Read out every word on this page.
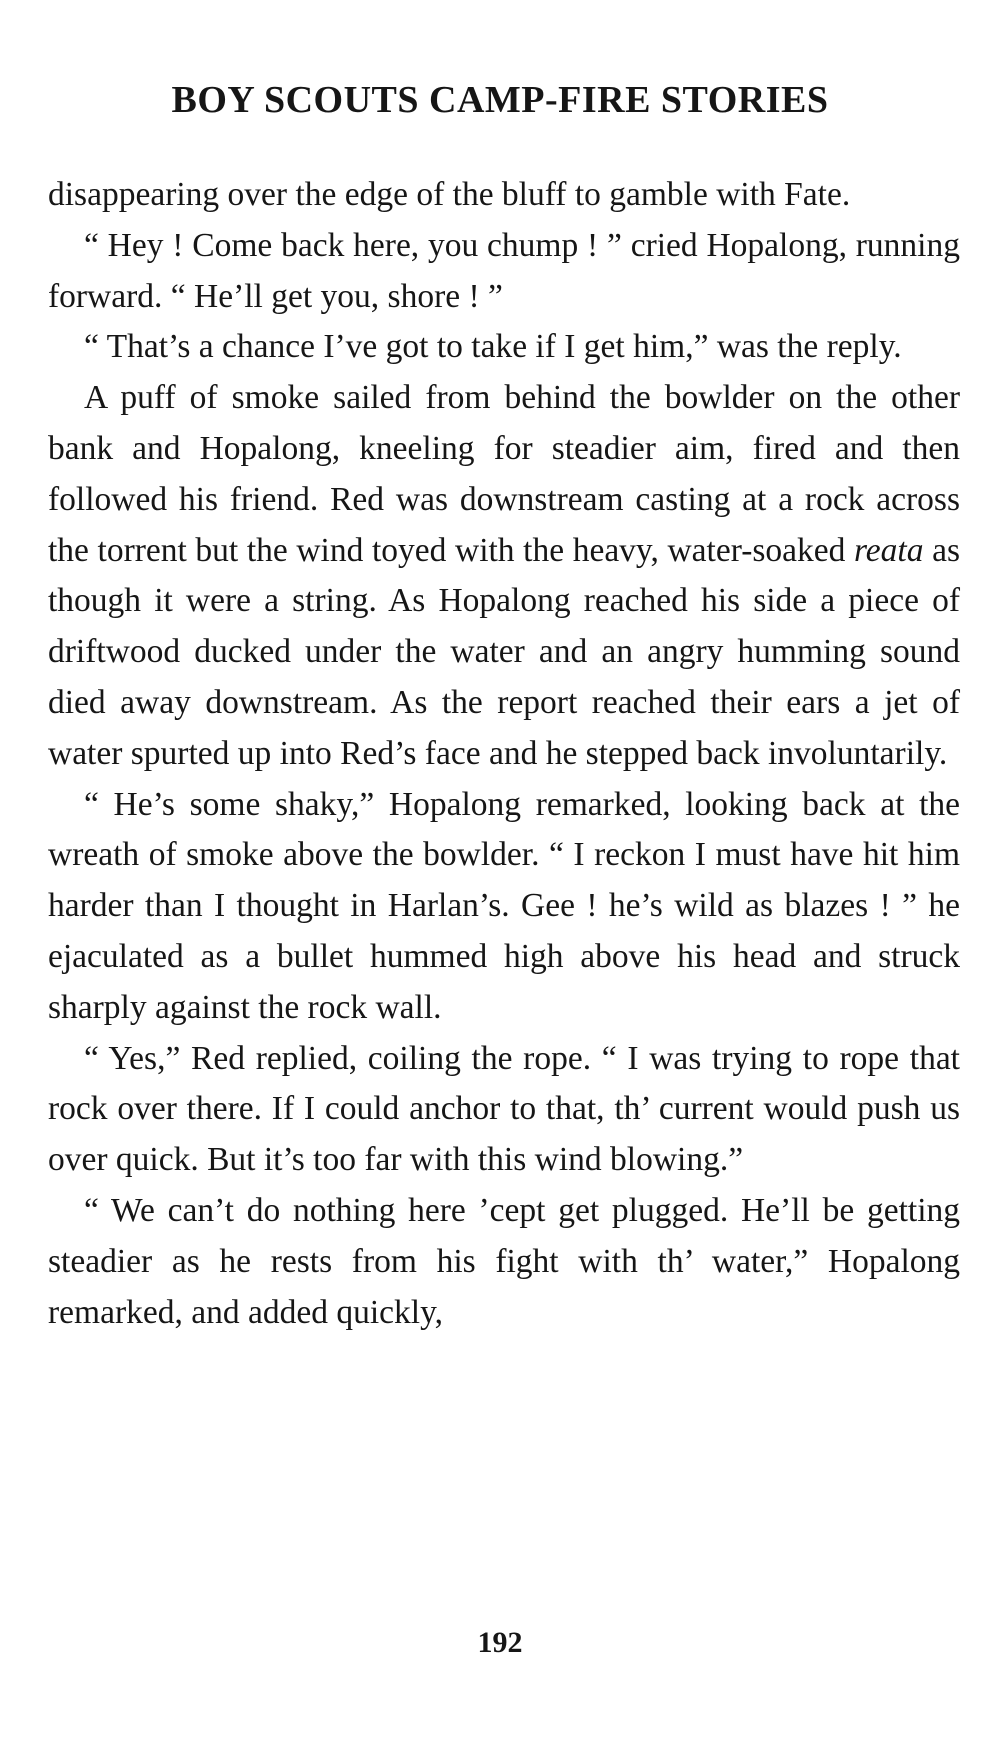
BOY SCOUTS CAMP-FIRE STORIES

disappearing over the edge of the bluff to gamble with Fate.

“ Hey ! Come back here, you chump ! ” cried Hopalong, running forward. “ He’ll get you, shore ! ”

“ That’s a chance I’ve got to take if I get him,” was the reply.

A puff of smoke sailed from behind the bowlder on the other bank and Hopalong, kneeling for steadier aim, fired and then followed his friend. Red was downstream casting at a rock across the torrent but the wind toyed with the heavy, water-soaked reata as though it were a string. As Hopalong reached his side a piece of driftwood ducked under the water and an angry humming sound died away downstream. As the report reached their ears a jet of water spurted up into Red’s face and he stepped back involuntarily.

“ He’s some shaky,” Hopalong remarked, looking back at the wreath of smoke above the bowlder. “ I reckon I must have hit him harder than I thought in Harlan’s. Gee ! he’s wild as blazes ! ” he ejaculated as a bullet hummed high above his head and struck sharply against the rock wall.

“ Yes,” Red replied, coiling the rope. “ I was trying to rope that rock over there. If I could anchor to that, th’ current would push us over quick. But it’s too far with this wind blowing.”

“ We can’t do nothing here ’cept get plugged. He’ll be getting steadier as he rests from his fight with th’ water,” Hopalong remarked, and added quickly,

192
